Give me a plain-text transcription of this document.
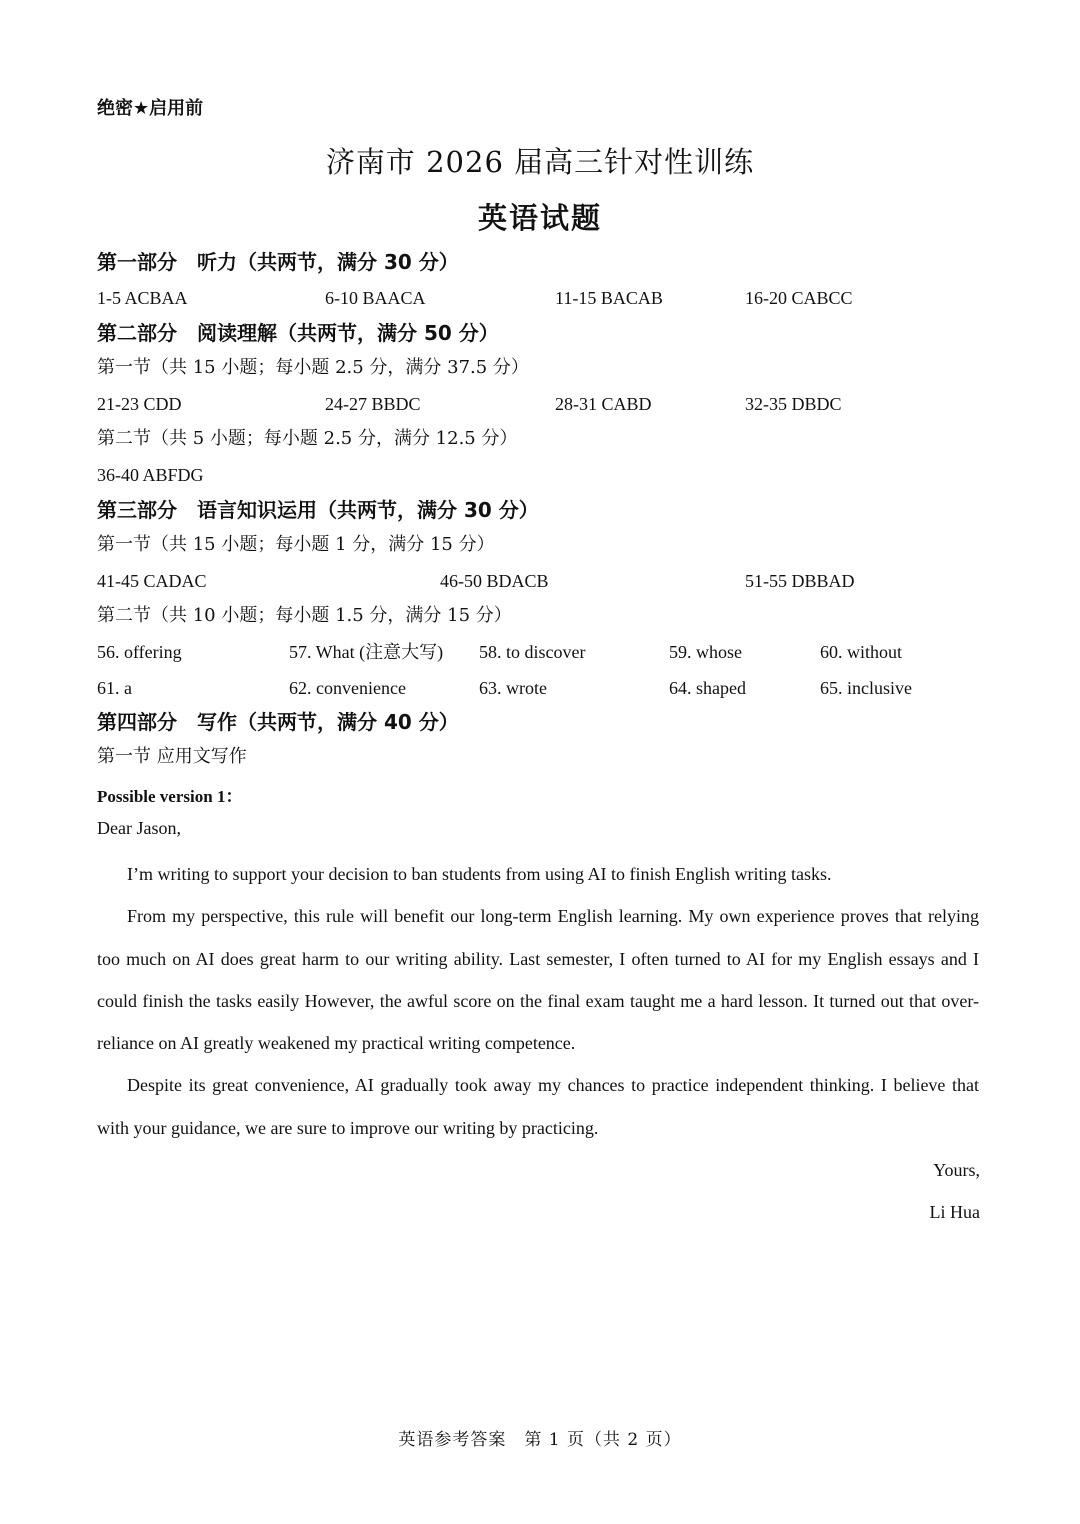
绝密★启用前
济南市 2026 届高三针对性训练
英语试题
第一部分　听力（共两节，满分 30 分）
1-5 ACBAA	6-10 BAACA	11-15 BACAB	16-20 CABCC
第二部分　阅读理解（共两节，满分 50 分）
第一节（共 15 小题；每小题 2.5 分，满分 37.5 分）
21-23 CDD	24-27 BBDC	28-31 CABD	32-35 DBDC
第二节（共 5 小题；每小题 2.5 分，满分 12.5 分）
36-40 ABFDG
第三部分　语言知识运用（共两节，满分 30 分）
第一节（共 15 小题；每小题 1 分，满分 15 分）
41-45 CADAC	46-50 BDACB	51-55 DBBAD
第二节（共 10 小题；每小题 1.5 分，满分 15 分）
56. offering	57. What (注意大写) 58. to discover	59. whose	60. without
61. a	62. convenience	63. wrote	64. shaped	65. inclusive
第四部分　写作（共两节，满分 40 分）
第一节 应用文写作
Possible version 1：
Dear Jason,

I’m writing to support your decision to ban students from using AI to finish English writing tasks.

From my perspective, this rule will benefit our long-term English learning. My own experience proves that relying too much on AI does great harm to our writing ability. Last semester, I often turned to AI for my English essays and I could finish the tasks easily However, the awful score on the final exam taught me a hard lesson. It turned out that over-reliance on AI greatly weakened my practical writing competence.

Despite its great convenience, AI gradually took away my chances to practice independent thinking. I believe that with your guidance, we are sure to improve our writing by practicing.

Yours,
Li Hua
英语参考答案　第 1 页（共 2 页）
